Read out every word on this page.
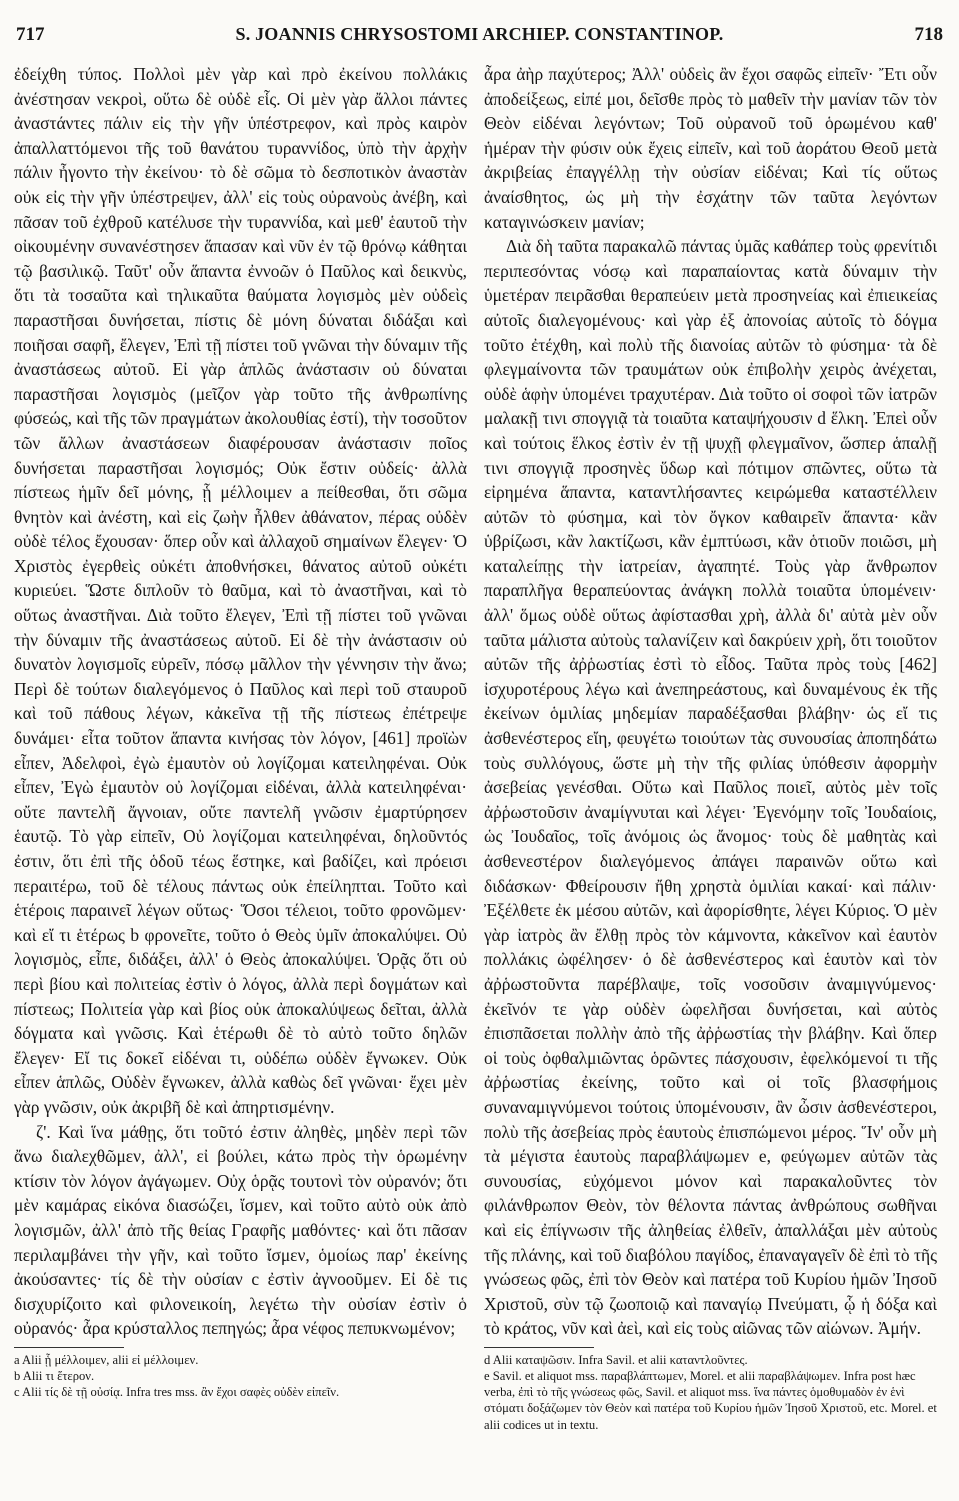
717	S. JOANNIS CHRYSOSTOMI ARCHIEP. CONSTANTINOP.	718

ἐδείχθη τύπος. Πολλοὶ μὲν γὰρ καὶ πρὸ ἐκείνου πολλάκις ἀνέστησαν νεκροὶ, οὕτω δὲ οὐδὲ εἷς. Οἱ μὲν γὰρ ἄλλοι πάντες ἀναστάντες πάλιν εἰς τὴν γῆν ὑπέστρεφον, καὶ πρὸς καιρὸν ἀπαλλαττόμενοι τῆς τοῦ θανάτου τυραννίδος, ὑπὸ τὴν ἀρχὴν πάλιν ἦγοντο τὴν ἐκείνου· τὸ δὲ σῶμα τὸ δεσποτικὸν ἀναστὰν οὐκ εἰς τὴν γῆν ὑπέστρεψεν, ἀλλ' εἰς τοὺς οὐρανοὺς ἀνέβη, καὶ πᾶσαν τοῦ ἐχθροῦ κατέλυσε τὴν τυραννίδα, καὶ μεθ' ἑαυτοῦ τὴν οἰκουμένην συνανέστησεν ἅπασαν καὶ νῦν ἐν τῷ θρόνῳ κάθηται τῷ βασιλικῷ. Ταῦτ' οὖν ἅπαντα ἐννοῶν ὁ Παῦλος καὶ δεικνὺς, ὅτι τὰ τοσαῦτα καὶ τηλικαῦτα θαύματα λογισμὸς μὲν οὐδεὶς παραστῆσαι δυνήσεται, πίστις δὲ μόνη δύναται διδάξαι καὶ ποιῆσαι σαφῆ, ἔλεγεν, Ἐπὶ τῇ πίστει τοῦ γνῶναι τὴν δύναμιν τῆς ἀναστάσεως αὐτοῦ. Εἰ γὰρ ἁπλῶς ἀνάστασιν οὐ δύναται παραστῆσαι λογισμὸς (μεῖζον γὰρ τοῦτο τῆς ἀνθρωπίνης φύσεώς, καὶ τῆς τῶν πραγμάτων ἀκολουθίας ἐστί), τὴν τοσοῦτον τῶν ἄλλων ἀναστάσεων διαφέρουσαν ἀνάστασιν ποῖος δυνήσεται παραστῆσαι λογισμός; Οὐκ ἔστιν οὐδείς· ἀλλὰ πίστεως ἡμῖν δεῖ μόνης, ᾗ μέλλοιμεν a πείθεσθαι, ὅτι σῶμα θνητὸν καὶ ἀνέστη, καὶ εἰς ζωὴν ἦλθεν ἀθάνατον, πέρας οὐδὲν οὐδὲ τέλος ἔχουσαν· ὅπερ οὖν καὶ ἀλλαχοῦ σημαίνων ἔλεγεν· Ὁ Χριστὸς ἐγερθεὶς οὐκέτι ἀποθνήσκει, θάνατος αὐτοῦ οὐκέτι κυριεύει. Ὥστε διπλοῦν τὸ θαῦμα, καὶ τὸ ἀναστῆναι, καὶ τὸ οὕτως ἀναστῆναι. Διὰ τοῦτο ἔλεγεν, Ἐπὶ τῇ πίστει τοῦ γνῶναι τὴν δύναμιν τῆς ἀναστάσεως αὐτοῦ. Εἰ δὲ τὴν ἀνάστασιν οὐ δυνατὸν λογισμοῖς εὑρεῖν, πόσῳ μᾶλλον τὴν γέννησιν τὴν ἄνω; Περὶ δὲ τούτων διαλεγόμενος ὁ Παῦλος καὶ περὶ τοῦ σταυροῦ καὶ τοῦ πάθους λέγων, κἀκεῖνα τῇ τῆς πίστεως ἐπέτρεψε δυνάμει· εἶτα τοῦτον ἅπαντα κινήσας τὸν λόγον, [461] προϊὼν εἶπεν, Ἀδελφοὶ, ἐγὼ ἐμαυτὸν οὐ λογίζομαι κατειληφέναι. Οὐκ εἶπεν, Ἐγὼ ἐμαυτὸν οὐ λογίζομαι εἰδέναι, ἀλλὰ κατειληφέναι· οὔτε παντελῆ ἄγνοιαν, οὔτε παντελῆ γνῶσιν ἐμαρτύρησεν ἑαυτῷ. Τὸ γὰρ εἰπεῖν, Οὐ λογίζομαι κατειληφέναι, δηλοῦντός ἐστιν, ὅτι ἐπὶ τῆς ὁδοῦ τέως ἕστηκε, καὶ βαδίζει, καὶ πρόεισι περαιτέρω, τοῦ δὲ τέλους πάντως οὐκ ἐπείληπται. Τοῦτο καὶ ἑτέροις παραινεῖ λέγων οὕτως· Ὅσοι τέλειοι, τοῦτο φρονῶμεν· καὶ εἴ τι ἑτέρως b φρονεῖτε, τοῦτο ὁ Θεὸς ὑμῖν ἀποκαλύψει. Οὐ λογισμὸς, εἶπε, διδάξει, ἀλλ' ὁ Θεὸς ἀποκαλύψει. Ὁρᾷς ὅτι οὐ περὶ βίου καὶ πολιτείας ἐστὶν ὁ λόγος, ἀλλὰ περὶ δογμάτων καὶ πίστεως; Πολιτεία γὰρ καὶ βίος οὐκ ἀποκαλύψεως δεῖται, ἀλλὰ δόγματα καὶ γνῶσις. Καὶ ἑτέρωθι δὲ τὸ αὐτὸ τοῦτο δηλῶν ἔλεγεν· Εἴ τις δοκεῖ εἰδέναι τι, οὐδέπω οὐδὲν ἔγνωκεν. Οὐκ εἶπεν ἁπλῶς, Οὐδὲν ἔγνωκεν, ἀλλὰ καθὼς δεῖ γνῶναι· ἔχει μὲν γὰρ γνῶσιν, οὐκ ἀκριβῆ δὲ καὶ ἀπηρτισμένην.

ζ'. Καὶ ἵνα μάθῃς, ὅτι τοῦτό ἐστιν ἀληθὲς, μηδὲν περὶ τῶν ἄνω διαλεχθῶμεν, ἀλλ', εἰ βούλει, κάτω πρὸς τὴν ὁρωμένην κτίσιν τὸν λόγον ἀγάγωμεν. Οὐχ ὁρᾷς τουτονὶ τὸν οὐρανόν; ὅτι μὲν καμάρας εἰκόνα διασώζει, ἴσμεν, καὶ τοῦτο αὐτὸ οὐκ ἀπὸ λογισμῶν, ἀλλ' ἀπὸ τῆς θείας Γραφῆς μαθόντες· καὶ ὅτι πᾶσαν περιλαμβάνει τὴν γῆν, καὶ τοῦτο ἴσμεν, ὁμοίως παρ' ἐκείνης ἀκούσαντες· τίς δὲ τὴν οὐσίαν c ἐστὶν ἀγνοοῦμεν. Εἰ δὲ τις δισχυρίζοιτο καὶ φιλονεικοίη, λεγέτω τὴν οὐσίαν ἐστὶν ὁ οὐρανός· ἆρα κρύσταλλος πεπηγώς; ἆρα νέφος πεπυκνωμένον;

a Alii ᾗ μέλλοιμεν, alii εἰ μέλλοιμεν.

b Alii τι ἕτερον.

c Alii τίς δὲ τῇ οὐσίᾳ. Infra tres mss. ἂν ἔχοι σαφὲς οὐδὲν εἰπεῖν.

ἆρα ἀὴρ παχύτερος; Ἀλλ' οὐδεὶς ἂν ἔχοι σαφῶς εἰπεῖν· Ἔτι οὖν ἀποδείξεως, εἰπέ μοι, δεῖσθε πρὸς τὸ μαθεῖν τὴν μανίαν τῶν τὸν Θεὸν εἰδέναι λεγόντων; Τοῦ οὐρανοῦ τοῦ ὁρωμένου καθ' ἡμέραν τὴν φύσιν οὐκ ἔχεις εἰπεῖν, καὶ τοῦ ἀοράτου Θεοῦ μετὰ ἀκριβείας ἐπαγγέλλῃ τὴν οὐσίαν εἰδέναι; Καὶ τίς οὕτως ἀναίσθητος, ὡς μὴ τὴν ἐσχάτην τῶν ταῦτα λεγόντων καταγινώσκειν μανίαν;

Διὰ δὴ ταῦτα παρακαλῶ πάντας ὑμᾶς καθάπερ τοὺς φρενίτιδι περιπεσόντας νόσῳ καὶ παραπαίοντας κατὰ δύναμιν τὴν ὑμετέραν πειρᾶσθαι θεραπεύειν μετὰ προσηνείας καὶ ἐπιεικείας αὐτοῖς διαλεγομένους· καὶ γὰρ ἐξ ἀπονοίας αὐτοῖς τὸ δόγμα τοῦτο ἐτέχθη, καὶ πολὺ τῆς διανοίας αὐτῶν τὸ φύσημα· τὰ δὲ φλεγμαίνοντα τῶν τραυμάτων οὐκ ἐπιβολὴν χειρὸς ἀνέχεται, οὐδὲ ἁφὴν ὑπομένει τραχυτέραν. Διὰ τοῦτο οἱ σοφοὶ τῶν ἰατρῶν μαλακῇ τινι σπογγιᾷ τὰ τοιαῦτα καταψήχουσιν d ἕλκη. Ἐπεὶ οὖν καὶ τούτοις ἕλκος ἐστὶν ἐν τῇ ψυχῇ φλεγμαῖνον, ὥσπερ ἁπαλῇ τινι σπογγιᾷ προσηνὲς ὕδωρ καὶ πότιμον σπῶντες, οὕτω τὰ εἰρημένα ἅπαντα, καταντλήσαντες κειρώμεθα καταστέλλειν αὐτῶν τὸ φύσημα, καὶ τὸν ὄγκον καθαιρεῖν ἅπαντα· κἂν ὑβρίζωσι, κἂν λακτίζωσι, κἂν ἐμπτύωσι, κἂν ὁτιοῦν ποιῶσι, μὴ καταλείπῃς τὴν ἰατρείαν, ἀγαπητέ. Τοὺς γὰρ ἄνθρωπον παραπλῆγα θεραπεύοντας ἀνάγκη πολλὰ τοιαῦτα ὑπομένειν· ἀλλ' ὅμως οὐδὲ οὕτως ἀφίστασθαι χρὴ, ἀλλὰ δι' αὐτὰ μὲν οὖν ταῦτα μάλιστα αὐτοὺς ταλανίζειν καὶ δακρύειν χρὴ, ὅτι τοιοῦτον αὐτῶν τῆς ἀῤῥωστίας ἐστὶ τὸ εἶδος. Ταῦτα πρὸς τοὺς [462] ἰσχυροτέρους λέγω καὶ ἀνεπηρεάστους, καὶ δυναμένους ἐκ τῆς ἐκείνων ὁμιλίας μηδεμίαν παραδέξασθαι βλάβην· ὡς εἴ τις ἀσθενέστερος εἴη, φευγέτω τοιούτων τὰς συνουσίας ἀποπηδάτω τοὺς συλλόγους, ὥστε μὴ τὴν τῆς φιλίας ὑπόθεσιν ἀφορμὴν ἀσεβείας γενέσθαι. Οὕτω καὶ Παῦλος ποιεῖ, αὐτὸς μὲν τοῖς ἀῤῥωστοῦσιν ἀναμίγνυται καὶ λέγει· Ἐγενόμην τοῖς Ἰουδαίοις, ὡς Ἰουδαῖος, τοῖς ἀνόμοις ὡς ἄνομος· τοὺς δὲ μαθητὰς καὶ ἀσθενεστέρον διαλεγόμενος ἀπάγει παραινῶν οὕτω καὶ διδάσκων· Φθείρουσιν ἤθη χρηστὰ ὁμιλίαι κακαί· καὶ πάλιν· Ἐξέλθετε ἐκ μέσου αὐτῶν, καὶ ἀφορίσθητε, λέγει Κύριος. Ὁ μὲν γὰρ ἰατρὸς ἂν ἔλθῃ πρὸς τὸν κάμνοντα, κἀκεῖνον καὶ ἑαυτὸν πολλάκις ὠφέλησεν· ὁ δὲ ἀσθενέστερος καὶ ἑαυτὸν καὶ τὸν ἀῤῥωστοῦντα παρέβλαψε, τοῖς νοσοῦσιν ἀναμιγνύμενος· ἐκεῖνόν τε γὰρ οὐδὲν ὠφελῆσαι δυνήσεται, καὶ αὐτὸς ἐπισπᾶσεται πολλὴν ἀπὸ τῆς ἀῤῥωστίας τὴν βλάβην. Καὶ ὅπερ οἱ τοὺς ὀφθαλμιῶντας ὁρῶντες πάσχουσιν, ἐφελκόμενοί τι τῆς ἀῤῥωστίας ἐκείνης, τοῦτο καὶ οἱ τοῖς βλασφήμοις συναναμιγνύμενοι τούτοις ὑπομένουσιν, ἂν ὦσιν ἀσθενέστεροι, πολὺ τῆς ἀσεβείας πρὸς ἑαυτοὺς ἐπισπώμενοι μέρος. Ἵν' οὖν μὴ τὰ μέγιστα ἑαυτοὺς παραβλάψωμεν e, φεύγωμεν αὐτῶν τὰς συνουσίας, εὐχόμενοι μόνον καὶ παρακαλοῦντες τὸν φιλάνθρωπον Θεὸν, τὸν θέλοντα πάντας ἀνθρώπους σωθῆναι καὶ εἰς ἐπίγνωσιν τῆς ἀληθείας ἐλθεῖν, ἀπαλλάξαι μὲν αὐτοὺς τῆς πλάνης, καὶ τοῦ διαβόλου παγίδος, ἐπαναγαγεῖν δὲ ἐπὶ τὸ τῆς γνώσεως φῶς, ἐπὶ τὸν Θεὸν καὶ πατέρα τοῦ Κυρίου ἡμῶν Ἰησοῦ Χριστοῦ, σὺν τῷ ζωοποιῷ καὶ παναγίῳ Πνεύματι, ᾧ ἡ δόξα καὶ τὸ κράτος, νῦν καὶ ἀεὶ, καὶ εἰς τοὺς αἰῶνας τῶν αἰώνων. Ἀμήν.

d Alii καταψῶσιν. Infra Savil. et alii καταντλοῦντες.

e Savil. et aliquot mss. παραβλάπτωμεν, Morel. et alii παραβλάψωμεν. Infra post hæc verba, ἐπὶ τὸ τῆς γνώσεως φῶς, Savil. et aliquot mss. ἵνα πάντες ὁμοθυμαδὸν ἐν ἑνὶ στόματι δοξάζωμεν τὸν Θεὸν καὶ πατέρα τοῦ Κυρίου ἡμῶν Ἰησοῦ Χριστοῦ, etc. Morel. et alii codices ut in textu.
